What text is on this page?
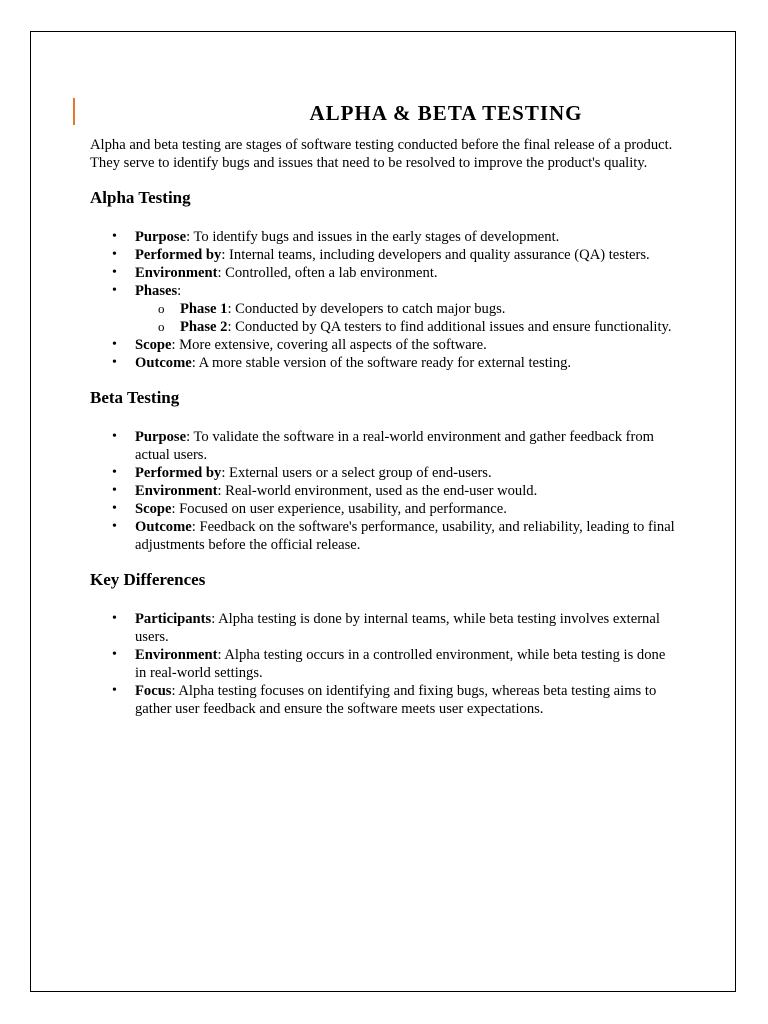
ALPHA & BETA TESTING

Alpha and beta testing are stages of software testing conducted before the final release of a product. They serve to identify bugs and issues that need to be resolved to improve the product's quality.

Alpha Testing
• Purpose: To identify bugs and issues in the early stages of development.
• Performed by: Internal teams, including developers and quality assurance (QA) testers.
• Environment: Controlled, often a lab environment.
• Phases:
o Phase 1: Conducted by developers to catch major bugs.
o Phase 2: Conducted by QA testers to find additional issues and ensure functionality.
• Scope: More extensive, covering all aspects of the software.
• Outcome: A more stable version of the software ready for external testing.
Beta Testing
• Purpose: To validate the software in a real-world environment and gather feedback from actual users.
• Performed by: External users or a select group of end-users.
• Environment: Real-world environment, used as the end-user would.
• Scope: Focused on user experience, usability, and performance.
• Outcome: Feedback on the software's performance, usability, and reliability, leading to final adjustments before the official release.
Key Differences
• Participants: Alpha testing is done by internal teams, while beta testing involves external users.
• Environment: Alpha testing occurs in a controlled environment, while beta testing is done in real-world settings.
• Focus: Alpha testing focuses on identifying and fixing bugs, whereas beta testing aims to gather user feedback and ensure the software meets user expectations.
